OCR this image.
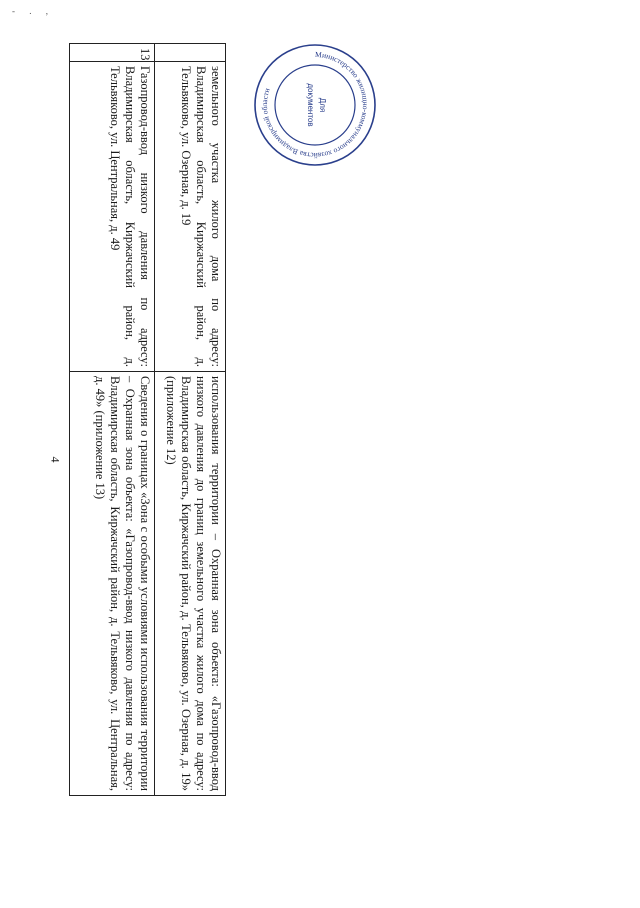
- . ,
4
	земельного участка жилого дома по адресу: Владимирская область, Киржачский район, д. Тельвяково, ул. Озерная, д. 19	использования территории – Охранная зона объекта: «Газопровод-ввод низкого давления до границ земельного участка жилого дома по адресу: Владимирская область, Киржачский район, д. Тельвяково, ул. Озерная, д. 19» (приложение 12)
13	Газопровод-ввод низкого давления по адресу: Владимирская область, Киржачский район, д. Тельвяково, ул. Центральная, д. 49	Сведения о границах «Зона с особыми условиями использования территории – Охранная зона объекта: «Газопровод-ввод низкого давления по адресу: Владимирская область, Киржачский район, д. Тельвяково, ул. Центральная, д. 49» (приложение 13)
Министерство жилищно-коммунального хозяйства Владимирской области
Для
документов
